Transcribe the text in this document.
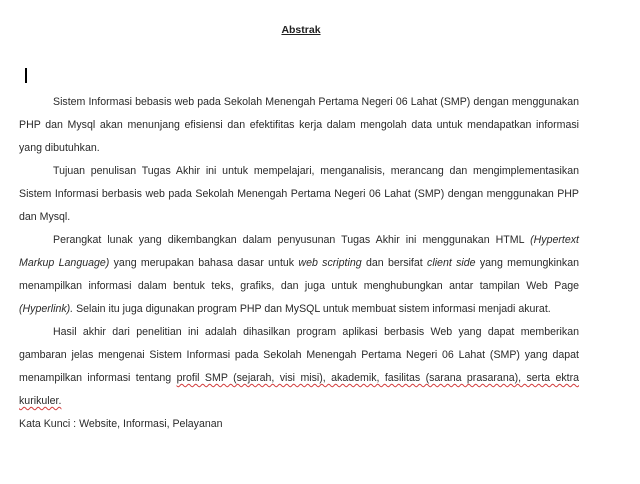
Abstrak

Sistem Informasi bebasis web pada Sekolah Menengah Pertama Negeri 06 Lahat (SMP) dengan menggunakan PHP dan Mysql akan menunjang efisiensi dan efektifitas kerja dalam mengolah data untuk mendapatkan informasi yang dibutuhkan.

Tujuan penulisan Tugas Akhir ini untuk mempelajari, menganalisis, merancang dan mengimplementasikan Sistem Informasi berbasis web pada Sekolah Menengah Pertama Negeri 06 Lahat (SMP) dengan menggunakan PHP dan Mysql.

Perangkat lunak yang dikembangkan dalam penyusunan Tugas Akhir ini menggunakan HTML (Hypertext Markup Language) yang merupakan bahasa dasar untuk web scripting dan bersifat client side yang memungkinkan menampilkan informasi dalam bentuk teks, grafiks, dan juga untuk menghubungkan antar tampilan Web Page (Hyperlink). Selain itu juga digunakan program PHP dan MySQL untuk membuat sistem informasi menjadi akurat.

Hasil akhir dari penelitian ini adalah dihasilkan program aplikasi berbasis Web yang dapat memberikan gambaran jelas mengenai Sistem Informasi pada Sekolah Menengah Pertama Negeri 06 Lahat (SMP) yang dapat menampilkan informasi tentang profil SMP (sejarah, visi misi), akademik, fasilitas (sarana prasarana), serta ektra kurikuler.

Kata Kunci : Website, Informasi, Pelayanan
